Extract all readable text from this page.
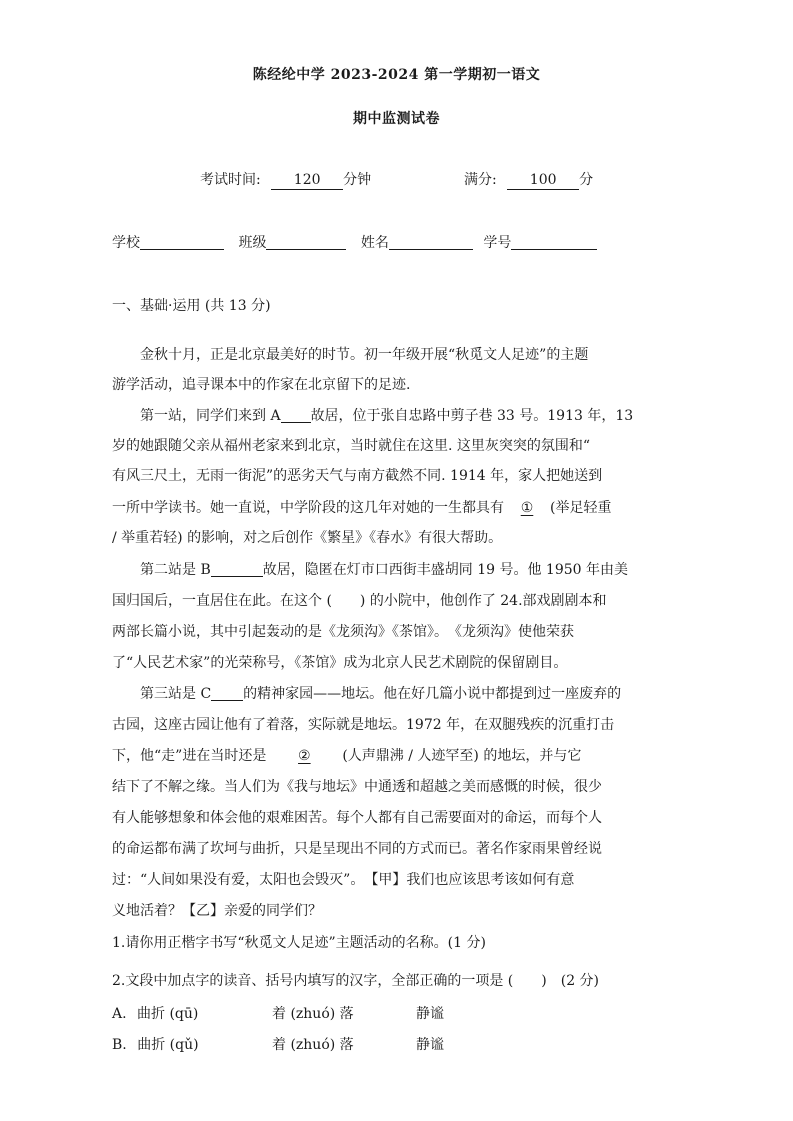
陈经纶中学 2023-2024 第一学期初一语文
期中监测试卷
考试时间: 120 分钟	满分: 100 分
学校	班级	姓名	学号
一、基础·运用 (共 13 分)
金秋十月，正是北京最美好的时节。初一年级开展“秋觅文人足迹”的主题
游学活动，追寻课本中的作家在北京留下的足迹.
第一站，同学们来到 A 故居，位于张自忠路中剪子巷 33 号。1913 年，13
岁的她跟随父亲从福州老家来到北京，当时就住在这里. 这里灰突突的氛围和“
有风三尺土，无雨一街泥”的恶劣天气与南方截然不同. 1914 年，家人把她送到
一所中学读书。她一直说，中学阶段的这几年对她的一生都具有 ① (举足轻重
/ 举重若轻) 的影响，对之后创作《繁星》《春水》有很大帮助。
第二站是 B	故居，隐匿在灯市口西街丰盛胡同 19 号。他 1950 年由美
国归国后，一直居住在此。在这个 (　　) 的小院中，他创作了 24.部戏剧剧本和
两部长篇小说，其中引起轰动的是《龙须沟》《茶馆》。　《龙须沟》使他荣获
了“人民艺术家”的光荣称号，《茶馆》成为北京人民艺术剧院的保留剧目。
第三站是 C 的精神家园——地坛。他在好几篇小说中都提到过一座废弃的
古园，这座古园让他有了着落，实际就是地坛。1972 年，在双腿残疾的沉重打击
下，他“走”进在当时还是 ② (人声鼎沸 / 人迹罕至) 的地坛，并与它
结下了不解之缘。当人们为《我与地坛》中通透和超越之美而感慨的时候，很少
有人能够想象和体会他的艰难困苦。每个人都有自己需要面对的命运，而每个人
的命运都布满了坎坷与曲折，只是呈现出不同的方式而已。著名作家雨果曾经说
过：“人间如果没有爱，太阳也会毁灭”。　【甲】我们也应该思考该如何有意
义地活着？【乙】亲爱的同学们？
1.请你用正楷字书写“秋觅文人足迹”主题活动的名称。(1 分)
2.文段中加点字的读音、括号内填写的汉字，全部正确的一项是 (　　)　(2 分)
A. 曲折 (qū)	着 (zhuó) 落	静谧
B. 曲折 (qǔ)	着 (zhuó) 落	静谧
